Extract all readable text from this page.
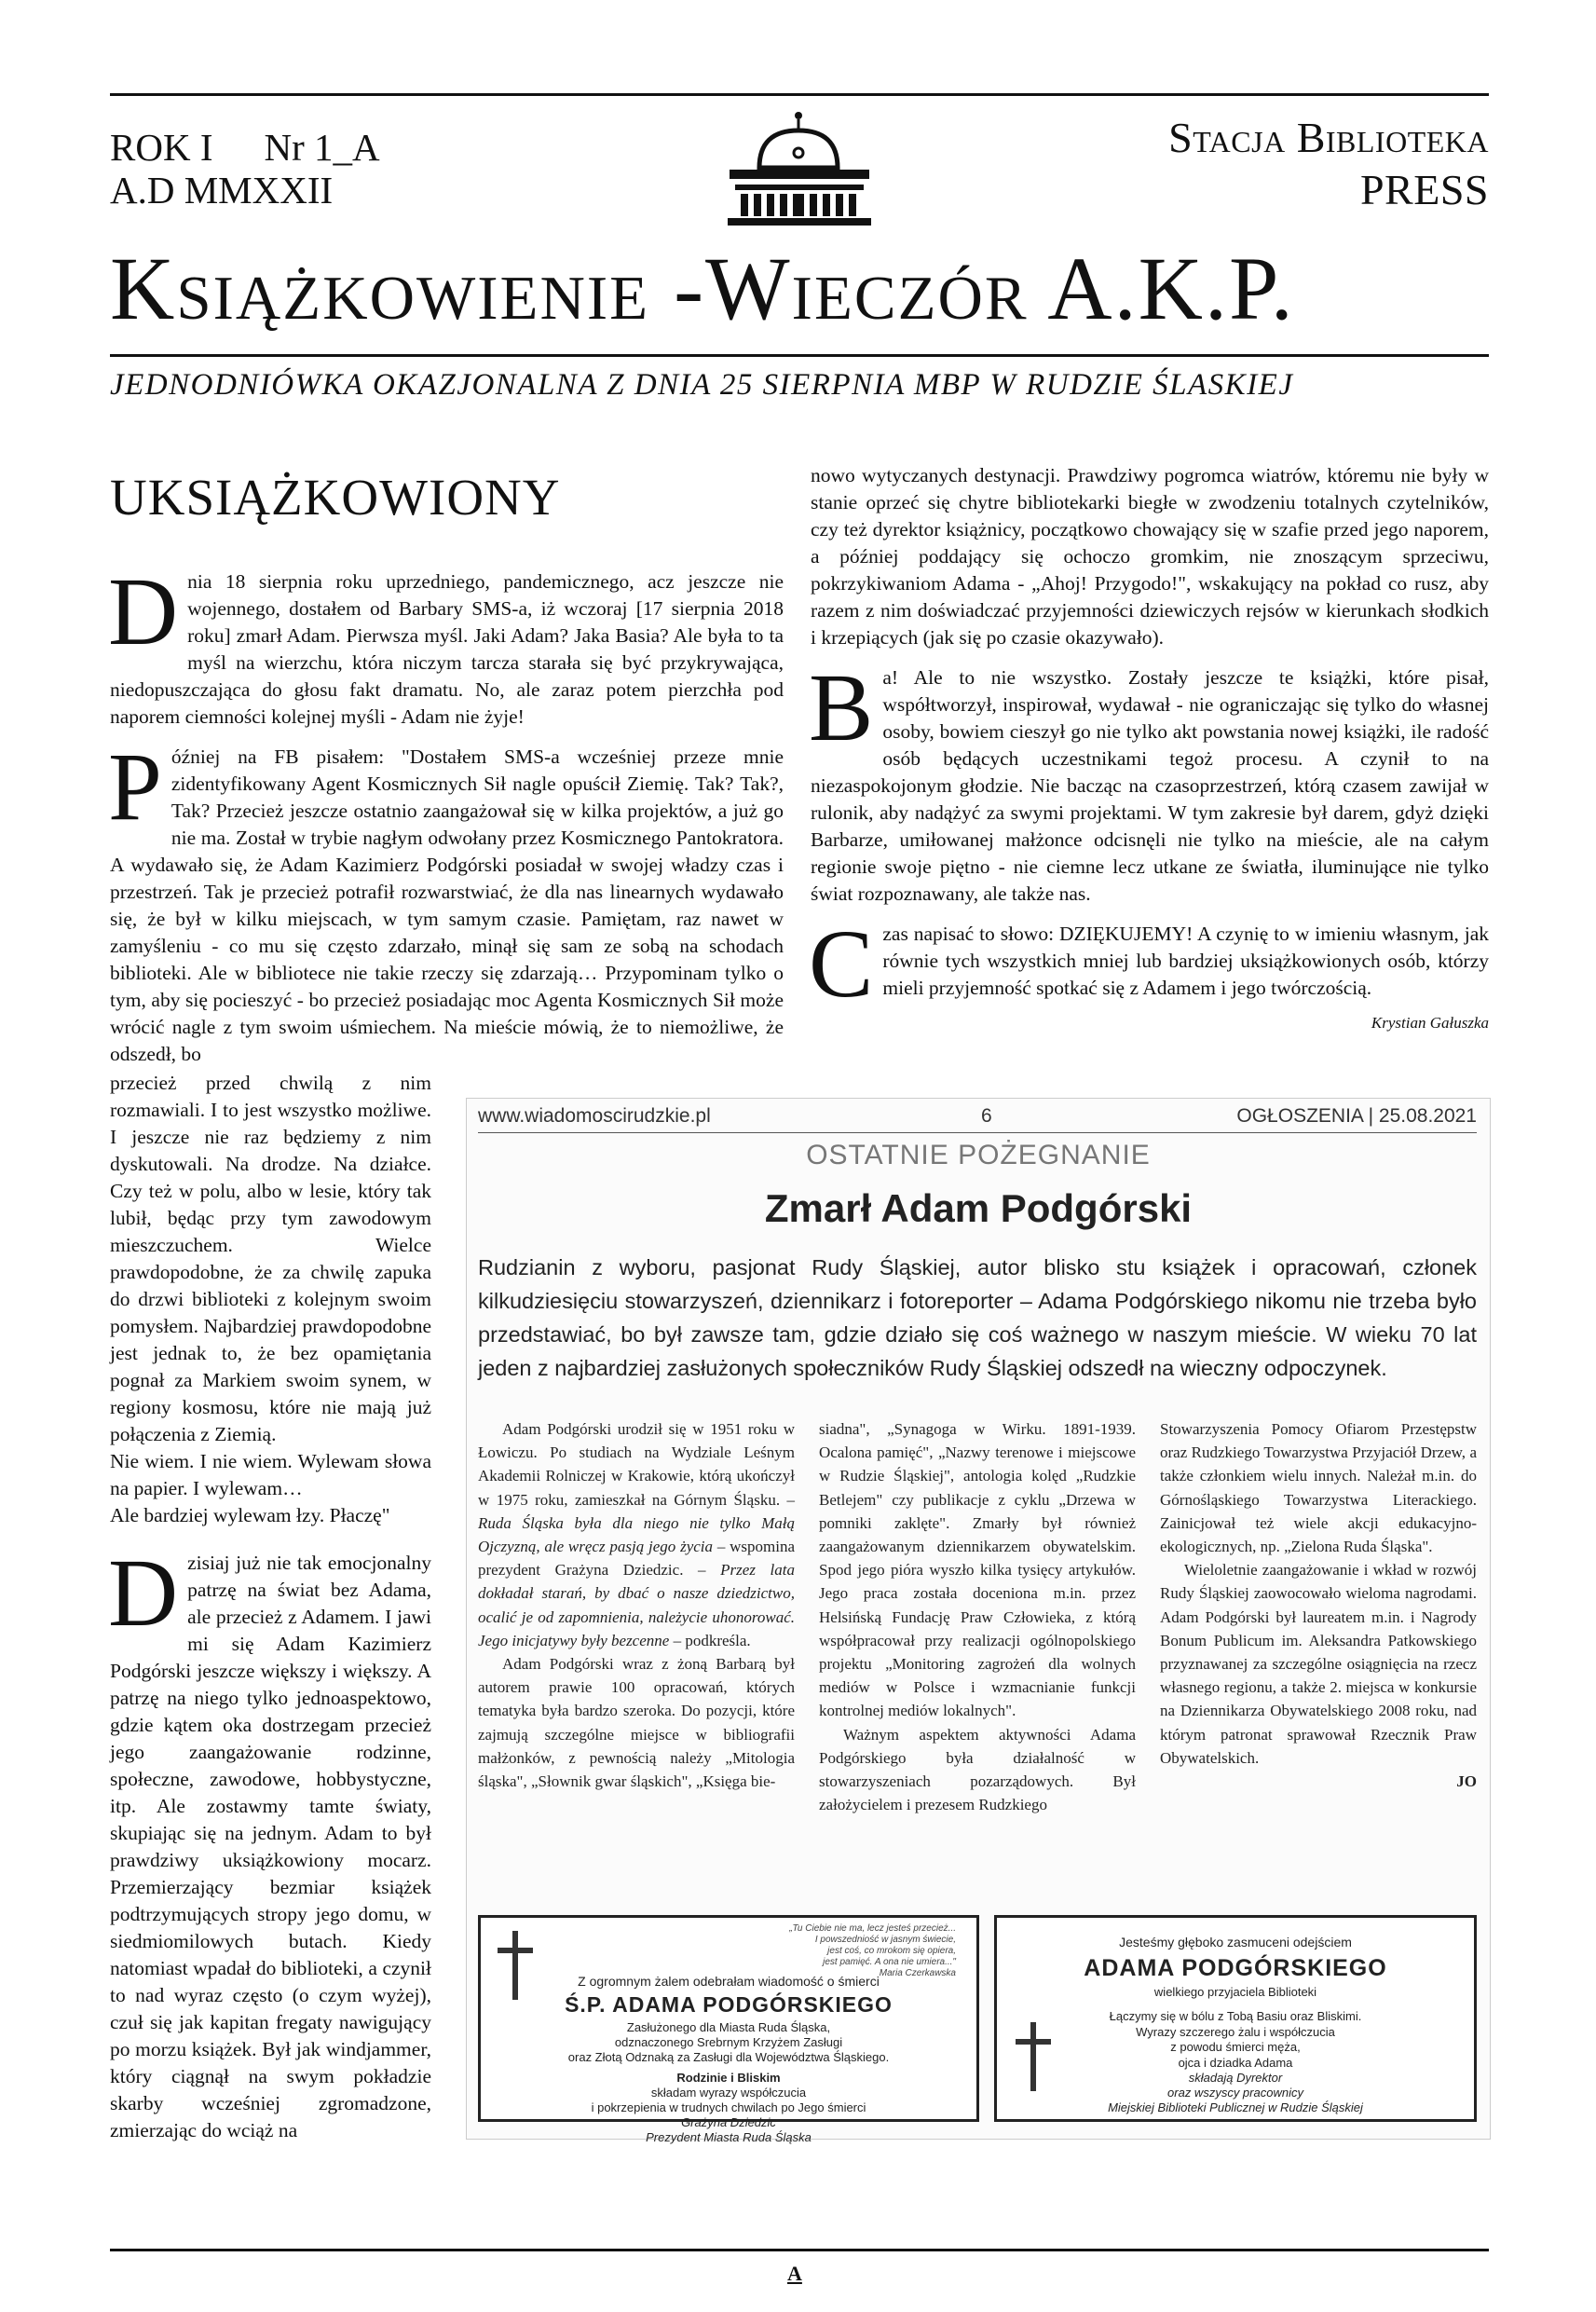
ROK I Nr 1_A
A.D MMXXII
Stacja Biblioteka
PRESS
Książkowienie -Wieczór A.K.P.
JEDNODNIÓWKA OKAZJONALNA Z DNIA 25 SIERPNIA MBP W RUDZIE ŚLASKIEJ
UKSIĄŻKOWIONY

Dnia 18 sierpnia roku uprzedniego, pandemicznego, acz jeszcze nie wojennego, dostałem od Barbary SMS-a, iż wczoraj [17 sierpnia 2018 roku] zmarł Adam. Pierwsza myśl. Jaki Adam? Jaka Basia? Ale była to ta myśl na wierzchu, która niczym tarcza starała się być przykrywająca, niedopuszczająca do głosu fakt dramatu. No, ale zaraz potem pierzchła pod naporem ciemności kolejnej myśli - Adam nie żyje!

Później na FB pisałem: "Dostałem SMS-a wcześniej przeze mnie zidentyfikowany Agent Kosmicznych Sił nagle opuścił Ziemię. Tak? Tak?, Tak? Przecież jeszcze ostatnio zaangażował się w kilka projektów, a już go nie ma. Został w trybie nagłym odwołany przez Kosmicznego Pantokratora. A wydawało się, że Adam Kazimierz Podgórski posiadał w swojej władzy czas i przestrzeń. Tak je przecież potrafił rozwarstwiać, że dla nas linearnych wydawało się, że był w kilku miejscach, w tym samym czasie. Pamiętam, raz nawet w zamyśleniu - co mu się często zdarzało, minął się sam ze sobą na schodach biblioteki. Ale w bibliotece nie takie rzeczy się zdarzają… Przypominam tylko o tym, aby się pocieszyć - bo przecież posiadając moc Agenta Kosmicznych Sił może wrócić nagle z tym swoim uśmiechem. Na mieście mówią, że to niemożliwe, że odszedł, bo

nowo wytyczanych destynacji. Prawdziwy pogromca wiatrów, któremu nie były w stanie oprzeć się chytre bibliotekarki biegłe w zwodzeniu totalnych czytelników, czy też dyrektor książnicy, początkowo chowający się w szafie przed jego naporem, a później poddający się ochoczo gromkim, nie znoszącym sprzeciwu, pokrzykiwaniom Adama - „Ahoj! Przygodo!", wskakujący na pokład co rusz, aby razem z nim doświadczać przyjemności dziewiczych rejsów w kierunkach słodkich i krzepiących (jak się po czasie okazywało).

Ba! Ale to nie wszystko. Zostały jeszcze te książki, które pisał, współtworzył, inspirował, wydawał - nie ograniczając się tylko do własnej osoby, bowiem cieszył go nie tylko akt powstania nowej książki, ile radość osób będących uczestnikami tegoż procesu. A czynił to na niezaspokojonym głodzie. Nie bacząc na czasoprzestrzeń, którą czasem zawijał w rulonik, aby nadążyć za swymi projektami. W tym zakresie był darem, gdyż dzięki Barbarze, umiłowanej małżonce odcisnęli nie tylko na mieście, ale na całym regionie swoje piętno - nie ciemne lecz utkane ze światła, iluminujące nie tylko świat rozpoznawany, ale także nas.

Czas napisać to słowo: DZIĘKUJEMY! A czynię to w imieniu własnym, jak równie tych wszystkich mniej lub bardziej uksiążkowionych osób, którzy mieli przyjemność spotkać się z Adamem i jego twórczością.

Krystian Gałuszka

przecież przed chwilą z nim rozmawiali. I to jest wszystko możliwe. I jeszcze nie raz będziemy z nim dyskutowali. Na drodze. Na działce. Czy też w polu, albo w lesie, który tak lubił, będąc przy tym zawodowym mieszczuchem. Wielce prawdopodobne, że za chwilę zapuka do drzwi biblioteki z kolejnym swoim pomysłem. Najbardziej prawdopodobne jest jednak to, że bez opamiętania pognał za Markiem swoim synem, w regiony kosmosu, które nie mają już połączenia z Ziemią.
Nie wiem. I nie wiem. Wylewam słowa na papier. I wylewam…
Ale bardziej wylewam łzy. Płaczę"

Dzisiaj już nie tak emocjonalny patrzę na świat bez Adama, ale przecież z Adamem. I jawi mi się Adam Kazimierz Podgórski jeszcze większy i większy. A patrzę na niego tylko jednoaspektowo, gdzie kątem oka dostrzegam przecież jego zaangażowanie rodzinne, społeczne, zawodowe, hobbystyczne, itp. Ale zostawmy tamte światy, skupiając się na jednym. Adam to był prawdziwy uksiążkowiony mocarz. Przemierzający bezmiar książek podtrzymujących stropy jego domu, w siedmiomilowych butach. Kiedy natomiast wpadał do biblioteki, a czynił to nad wyraz często (o czym wyżej), czuł się jak kapitan fregaty nawigujący po morzu książek. Był jak windjammer, który ciągnął na swym pokładzie skarby wcześniej zgromadzone, zmierzając do wciąż na

www.wiadomoscirudzkie.pl	6	OGŁOSZENIA | 25.08.2021
OSTATNIE POŻEGNANIE
Zmarł Adam Podgórski
Rudzianin z wyboru, pasjonat Rudy Śląskiej, autor blisko stu książek i opracowań, członek kilkudziesięciu stowarzyszeń, dziennikarz i fotoreporter – Adama Podgórskiego nikomu nie trzeba było przedstawiać, bo był zawsze tam, gdzie działo się coś ważnego w naszym mieście. W wieku 70 lat jeden z najbardziej zasłużonych społeczników Rudy Śląskiej odszedł na wieczny odpoczynek.

Adam Podgórski urodził się w 1951 roku w Łowiczu. Po studiach na Wydziale Leśnym Akademii Rolniczej w Krakowie, którą ukończył w 1975 roku, zamieszkał na Górnym Śląsku. – Ruda Śląska była dla niego nie tylko Małą Ojczyzną, ale wręcz pasją jego życia – wspomina prezydent Grażyna Dziedzic. – Przez lata dokładał starań, by dbać o nasze dziedzictwo, ocalić je od zapomnienia, należycie uhonorować. Jego inicjatywy były bezcenne – podkreśla.

Adam Podgórski wraz z żoną Barbarą był autorem prawie 100 opracowań, których tematyka była bardzo szeroka. Do pozycji, które zajmują szczególne miejsce w bibliografii małżonków, z pewnością należy „Mitologia śląska", „Słownik gwar śląskich", „Księga bie-

siadna", „Synagoga w Wirku. 1891-1939. Ocalona pamięć", „Nazwy terenowe i miejscowe w Rudzie Śląskiej", antologia kolęd „Rudzkie Betlejem" czy publikacje z cyklu „Drzewa w pomniki zaklęte". Zmarły był również zaangażowanym dziennikarzem obywatelskim. Spod jego pióra wyszło kilka tysięcy artykułów. Jego praca została doceniona m.in. przez Helsińską Fundację Praw Człowieka, z którą współpracował przy realizacji ogólnopolskiego projektu „Monitoring zagrożeń dla wolnych mediów w Polsce i wzmacnianie funkcji kontrolnej mediów lokalnych".

Ważnym aspektem aktywności Adama Podgórskiego była działalność w stowarzyszeniach pozarządowych. Był założycielem i prezesem Rudzkiego

Stowarzyszenia Pomocy Ofiarom Przestępstw oraz Rudzkiego Towarzystwa Przyjaciół Drzew, a także członkiem wielu innych. Należał m.in. do Górnośląskiego Towarzystwa Literackiego. Zainicjował też wiele akcji edukacyjno-ekologicznych, np. „Zielona Ruda Śląska".

Wieloletnie zaangażowanie i wkład w rozwój Rudy Śląskiej zaowocowało wieloma nagrodami. Adam Podgórski był laureatem m.in. i Nagrody Bonum Publicum im. Aleksandra Patkowskiego przyznawanej za szczególne osiągnięcia na rzecz własnego regionu, a także 2. miejsca w konkursie na Dziennikarza Obywatelskiego 2008 roku, nad którym patronat sprawował Rzecznik Praw Obywatelskich.

JO
„Tu Ciebie nie ma, lecz jesteś przecież...
I powszedniość w jasnym świecie,
jest coś, co mrokom się opiera,
jest pamięć. A ona nie umiera..."
Maria Czerkawska
Z ogromnym żalem odebrałam wiadomość o śmierci
Ś.P. ADAMA PODGÓRSKIEGO
Zasłużonego dla Miasta Ruda Śląska,
odznaczonego Srebrnym Krzyżem Zasługi
oraz Złotą Odznaką za Zasługi dla Województwa Śląskiego.
Rodzinie i Bliskim
składam wyrazy współczucia
i pokrzepienia w trudnych chwilach po Jego śmierci
Grażyna Dziedzic
Prezydent Miasta Ruda Śląska
Jesteśmy głęboko zasmuceni odejściem
ADAMA PODGÓRSKIEGO
wielkiego przyjaciela Biblioteki
Łączymy się w bólu z Tobą Basiu oraz Bliskimi.
Wyrazy szczerego żalu i współczucia
z powodu śmierci męża,
ojca i dziadka Adama
składają Dyrektor
oraz wszyscy pracownicy
Miejskiej Biblioteki Publicznej w Rudzie Śląskiej
A
